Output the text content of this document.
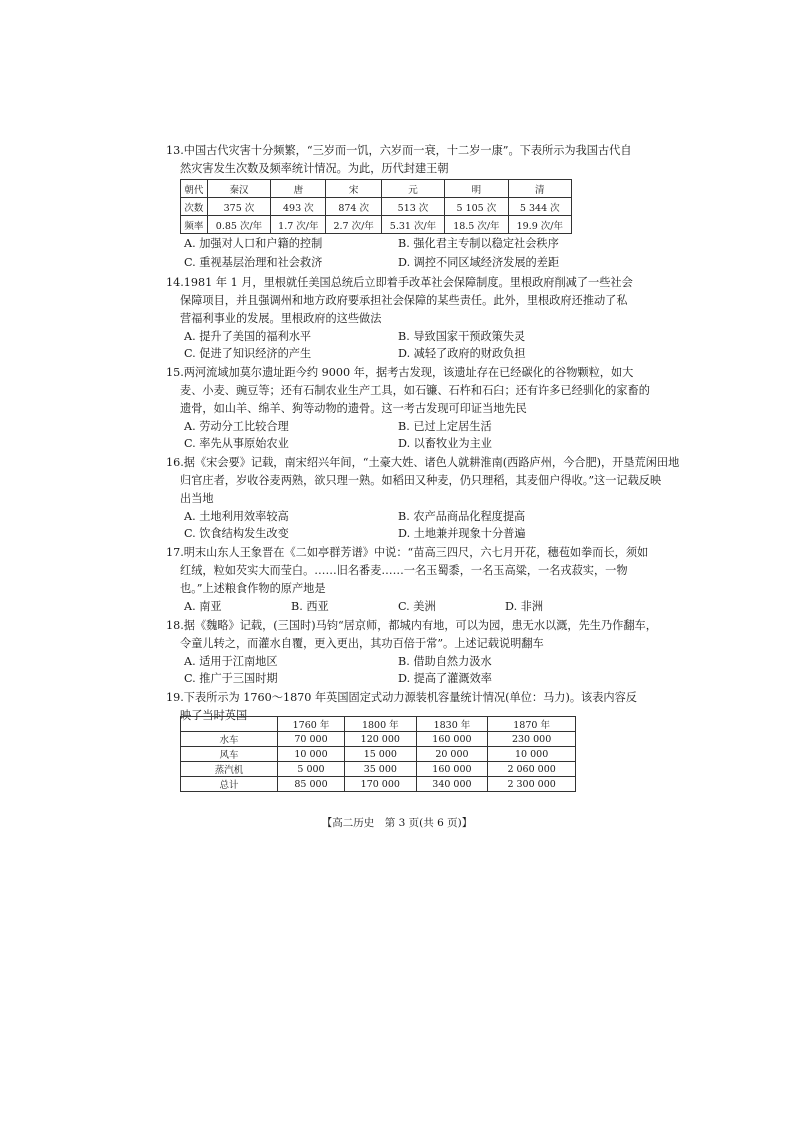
13.中国古代灾害十分频繁，“三岁而一饥，六岁而一衰，十二岁一康”。下表所示为我国古代自
然灾害发生次数及频率统计情况。为此，历代封建王朝
朝代	秦汉	唐	宋	元	明	清
次数	375 次	493 次	874 次	513 次	5 105 次	5 344 次
频率	0.85 次/年	1.7 次/年	2.7 次/年	5.31 次/年	18.5 次/年	19.9 次/年
A. 加强对人口和户籍的控制	B. 强化君主专制以稳定社会秩序
C. 重视基层治理和社会救济	D. 调控不同区域经济发展的差距
14.1981 年 1 月，里根就任美国总统后立即着手改革社会保障制度。里根政府削减了一些社会
保障项目，并且强调州和地方政府要承担社会保障的某些责任。此外，里根政府还推动了私
营福利事业的发展。里根政府的这些做法
A. 提升了美国的福利水平	B. 导致国家干预政策失灵
C. 促进了知识经济的产生	D. 减轻了政府的财政负担
15.两河流域加莫尔遗址距今约 9000 年，据考古发现，该遗址存在已经碳化的谷物颗粒，如大
麦、小麦、豌豆等；还有石制农业生产工具，如石镰、石杵和石臼；还有许多已经驯化的家畜的
遗骨，如山羊、绵羊、狗等动物的遗骨。这一考古发现可印证当地先民
A. 劳动分工比较合理	B. 已过上定居生活
C. 率先从事原始农业	D. 以畜牧业为主业
16.据《宋会要》记载，南宋绍兴年间，“土豪大姓、诸色人就耕淮南(西路庐州，今合肥)，开垦荒闲田地
归官庄者，岁收谷麦两熟，欲只理一熟。如稻田又种麦，仍只理稻，其麦佃户得收。”这一记载反映
出当地
A. 土地利用效率较高	B. 农产品商品化程度提高
C. 饮食结构发生改变	D. 土地兼并现象十分普遍
17.明末山东人王象晋在《二如亭群芳谱》中说：“苗高三四尺，六七月开花，穗苞如拳而长，须如
红绒，粒如芡实大而莹白。……旧名番麦……一名玉蜀黍，一名玉高粱，一名戎菽实，一物
也。”上述粮食作物的原产地是
A. 南亚	B. 西亚	C. 美洲	D. 非洲
18.据《魏略》记载，(三国时)马钧“居京师，都城内有地，可以为园，患无水以溉，先生乃作翻车，
令童儿转之，而灌水自覆，更入更出，其功百倍于常”。上述记载说明翻车
A. 适用于江南地区	B. 借助自然力汲水
C. 推广于三国时期	D. 提高了灌溉效率
19.下表所示为 1760～1870 年英国固定式动力源装机容量统计情况(单位：马力)。该表内容反
映了当时英国
	1760 年	1800 年	1830 年	1870 年
水车	70 000	120 000	160 000	230 000
风车	10 000	15 000	20 000	10 000
蒸汽机	5 000	35 000	160 000	2 060 000
总计	85 000	170 000	340 000	2 300 000
【高二历史　第 3 页(共 6 页)】
